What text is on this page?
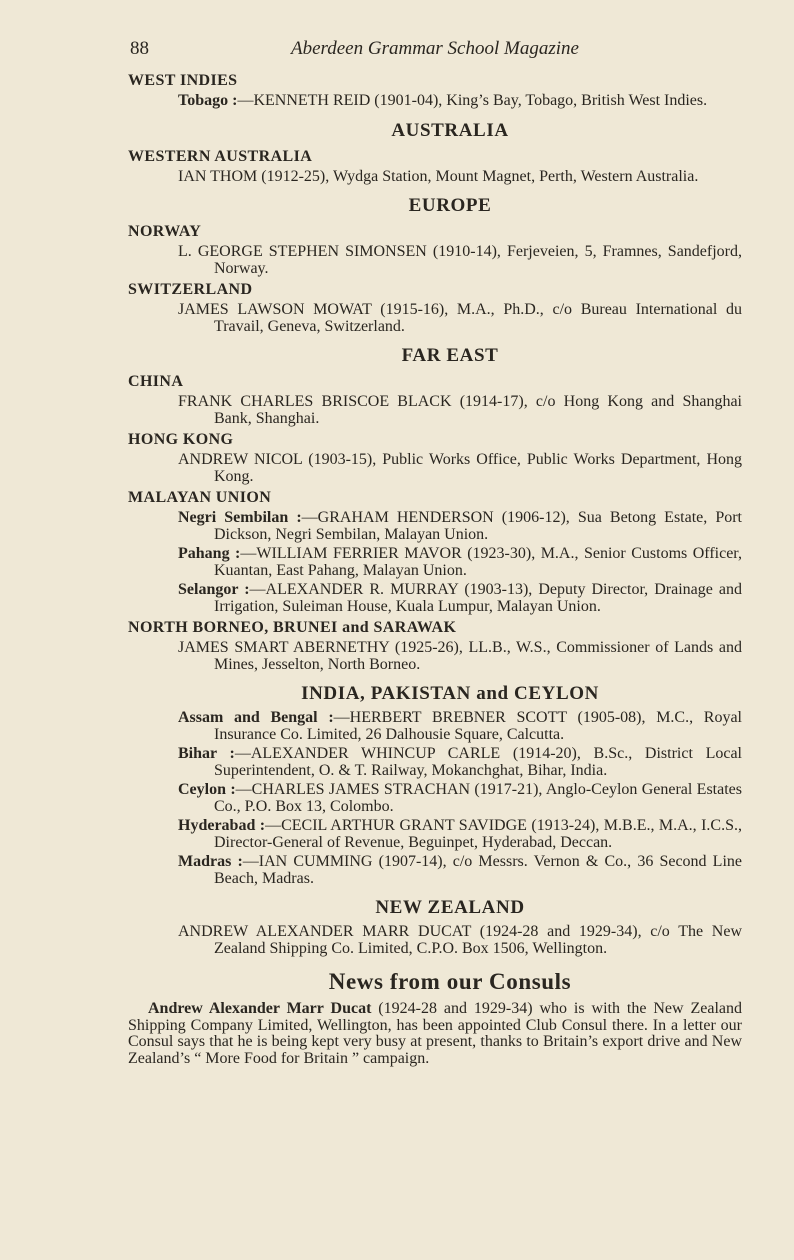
88	Aberdeen Grammar School Magazine
WEST INDIES
Tobago :—KENNETH REID (1901-04), King’s Bay, Tobago, British West Indies.
AUSTRALIA
WESTERN AUSTRALIA
IAN THOM (1912-25), Wydga Station, Mount Magnet, Perth, Western Australia.
EUROPE
NORWAY
L. GEORGE STEPHEN SIMONSEN (1910-14), Ferjeveien, 5, Framnes, Sandefjord, Norway.
SWITZERLAND
JAMES LAWSON MOWAT (1915-16), M.A., Ph.D., c/o Bureau International du Travail, Geneva, Switzerland.
FAR EAST
CHINA
FRANK CHARLES BRISCOE BLACK (1914-17), c/o Hong Kong and Shanghai Bank, Shanghai.
HONG KONG
ANDREW NICOL (1903-15), Public Works Office, Public Works Department, Hong Kong.
MALAYAN UNION
Negri Sembilan :—GRAHAM HENDERSON (1906-12), Sua Betong Estate, Port Dickson, Negri Sembilan, Malayan Union.
Pahang :—WILLIAM FERRIER MAVOR (1923-30), M.A., Senior Customs Officer, Kuantan, East Pahang, Malayan Union.
Selangor :—ALEXANDER R. MURRAY (1903-13), Deputy Director, Drainage and Irrigation, Suleiman House, Kuala Lumpur, Malayan Union.
NORTH BORNEO, BRUNEI and SARAWAK
JAMES SMART ABERNETHY (1925-26), LL.B., W.S., Commissioner of Lands and Mines, Jesselton, North Borneo.
INDIA, PAKISTAN and CEYLON
Assam and Bengal :—HERBERT BREBNER SCOTT (1905-08), M.C., Royal Insurance Co. Limited, 26 Dalhousie Square, Calcutta.
Bihar :—ALEXANDER WHINCUP CARLE (1914-20), B.Sc., District Local Superintendent, O. & T. Railway, Mokanchghat, Bihar, India.
Ceylon :—CHARLES JAMES STRACHAN (1917-21), Anglo-Ceylon General Estates Co., P.O. Box 13, Colombo.
Hyderabad :—CECIL ARTHUR GRANT SAVIDGE (1913-24), M.B.E., M.A., I.C.S., Director-General of Revenue, Beguinpet, Hyderabad, Deccan.
Madras :—IAN CUMMING (1907-14), c/o Messrs. Vernon & Co., 36 Second Line Beach, Madras.
NEW ZEALAND
ANDREW ALEXANDER MARR DUCAT (1924-28 and 1929-34), c/o The New Zealand Shipping Co. Limited, C.P.O. Box 1506, Wellington.
News from our Consuls
Andrew Alexander Marr Ducat (1924-28 and 1929-34) who is with the New Zealand Shipping Company Limited, Wellington, has been appointed Club Consul there. In a letter our Consul says that he is being kept very busy at present, thanks to Britain’s export drive and New Zealand’s “ More Food for Britain ” campaign.
